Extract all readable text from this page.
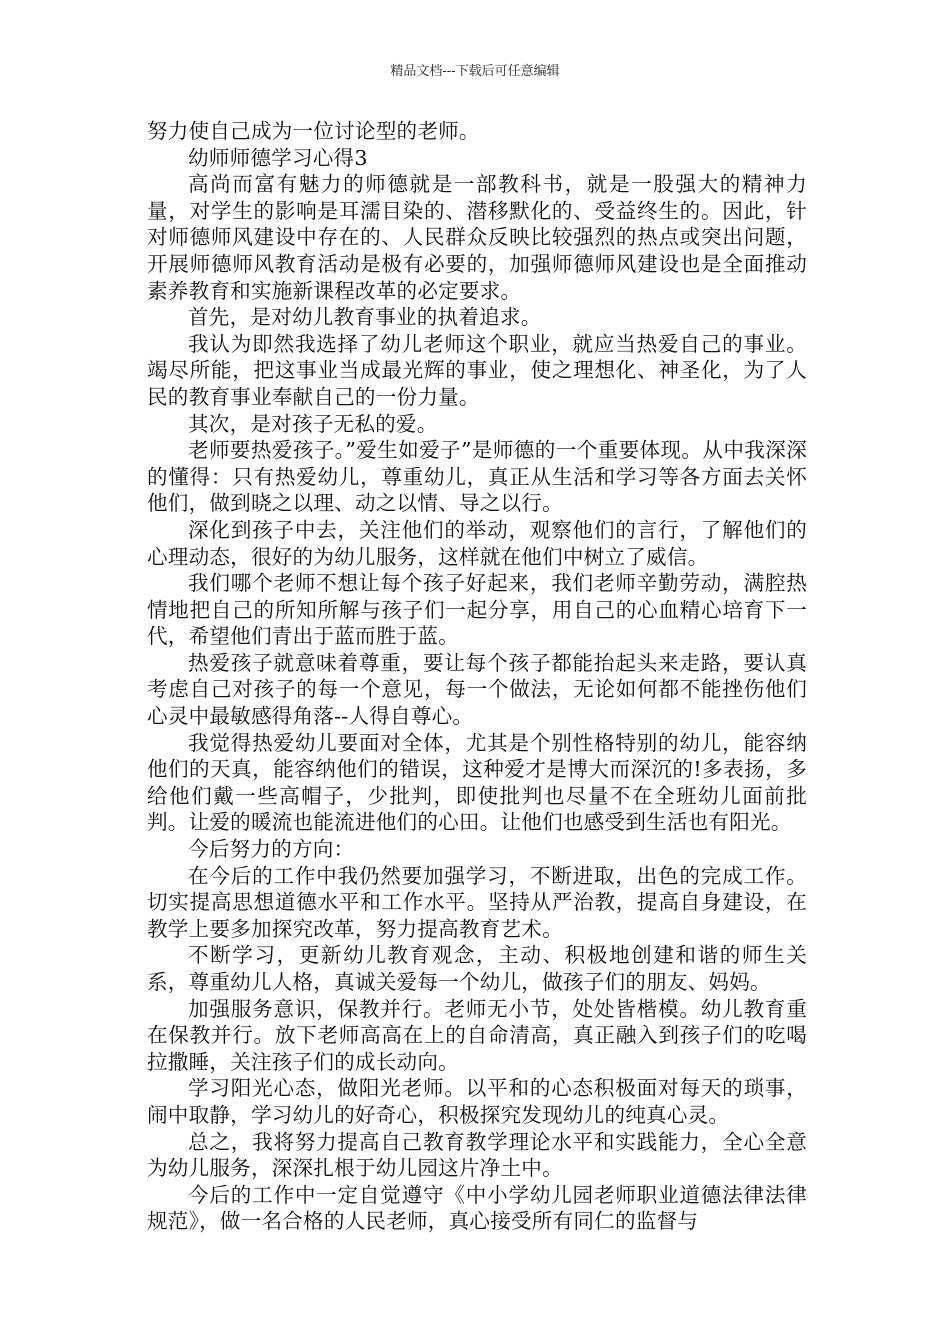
精品文档---下载后可任意编辑

努力使自己成为一位讨论型的老师。

幼师师德学习心得3

高尚而富有魅力的师德就是一部教科书，就是一股强大的精神力量，对学生的影响是耳濡目染的、潜移默化的、受益终生的。因此，针对师德师风建设中存在的、人民群众反映比较强烈的热点或突出问题，开展师德师风教育活动是极有必要的，加强师德师风建设也是全面推动素养教育和实施新课程改革的必定要求。

首先，是对幼儿教育事业的执着追求。

我认为即然我选择了幼儿老师这个职业，就应当热爱自己的事业。竭尽所能，把这事业当成最光辉的事业，使之理想化、神圣化，为了人民的教育事业奉献自己的一份力量。

其次，是对孩子无私的爱。

老师要热爱孩子。”爱生如爱子”是师德的一个重要体现。从中我深深的懂得：只有热爱幼儿，尊重幼儿，真正从生活和学习等各方面去关怀他们，做到晓之以理、动之以情、导之以行。

深化到孩子中去，关注他们的举动，观察他们的言行，了解他们的心理动态，很好的为幼儿服务，这样就在他们中树立了威信。

我们哪个老师不想让每个孩子好起来，我们老师辛勤劳动，满腔热情地把自己的所知所解与孩子们一起分享，用自己的心血精心培育下一代，希望他们青出于蓝而胜于蓝。

热爱孩子就意味着尊重，要让每个孩子都能抬起头来走路，要认真考虑自己对孩子的每一个意见，每一个做法，无论如何都不能挫伤他们心灵中最敏感得角落--人得自尊心。

我觉得热爱幼儿要面对全体，尤其是个别性格特别的幼儿，能容纳他们的天真，能容纳他们的错误，这种爱才是博大而深沉的!多表扬，多给他们戴一些高帽子，少批判，即使批判也尽量不在全班幼儿面前批判。让爱的暖流也能流进他们的心田。让他们也感受到生活也有阳光。

今后努力的方向：

在今后的工作中我仍然要加强学习，不断进取，出色的完成工作。切实提高思想道德水平和工作水平。坚持从严治教，提高自身建设，在教学上要多加探究改革，努力提高教育艺术。

不断学习，更新幼儿教育观念，主动、积极地创建和谐的师生关系，尊重幼儿人格，真诚关爱每一个幼儿，做孩子们的朋友、妈妈。

加强服务意识，保教并行。老师无小节，处处皆楷模。幼儿教育重在保教并行。放下老师高高在上的自命清高，真正融入到孩子们的吃喝拉撒睡，关注孩子们的成长动向。

学习阳光心态，做阳光老师。以平和的心态积极面对每天的琐事，闹中取静，学习幼儿的好奇心，积极探究发现幼儿的纯真心灵。

总之，我将努力提高自己教育教学理论水平和实践能力，全心全意为幼儿服务，深深扎根于幼儿园这片净土中。

今后的工作中一定自觉遵守《中小学幼儿园老师职业道德法律法律规范》，做一名合格的人民老师，真心接受所有同仁的监督与
